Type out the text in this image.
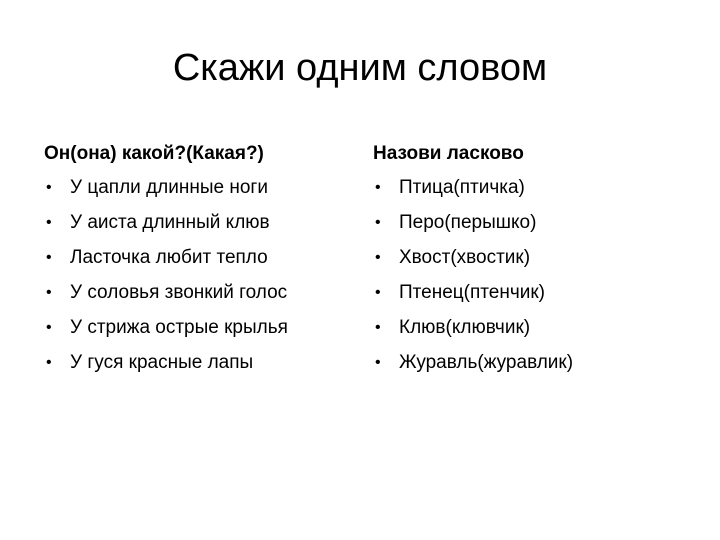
Скажи одним словом
Он(она) какой?(Какая?)
• У цапли длинные ноги
• У аиста длинный клюв
• Ласточка любит тепло
• У соловья звонкий голос
• У стрижа острые крылья
• У гуся красные лапы
Назови ласково
• Птица(птичка)
• Перо(перышко)
• Хвост(хвостик)
• Птенец(птенчик)
• Клюв(клювчик)
• Журавль(журавлик)
